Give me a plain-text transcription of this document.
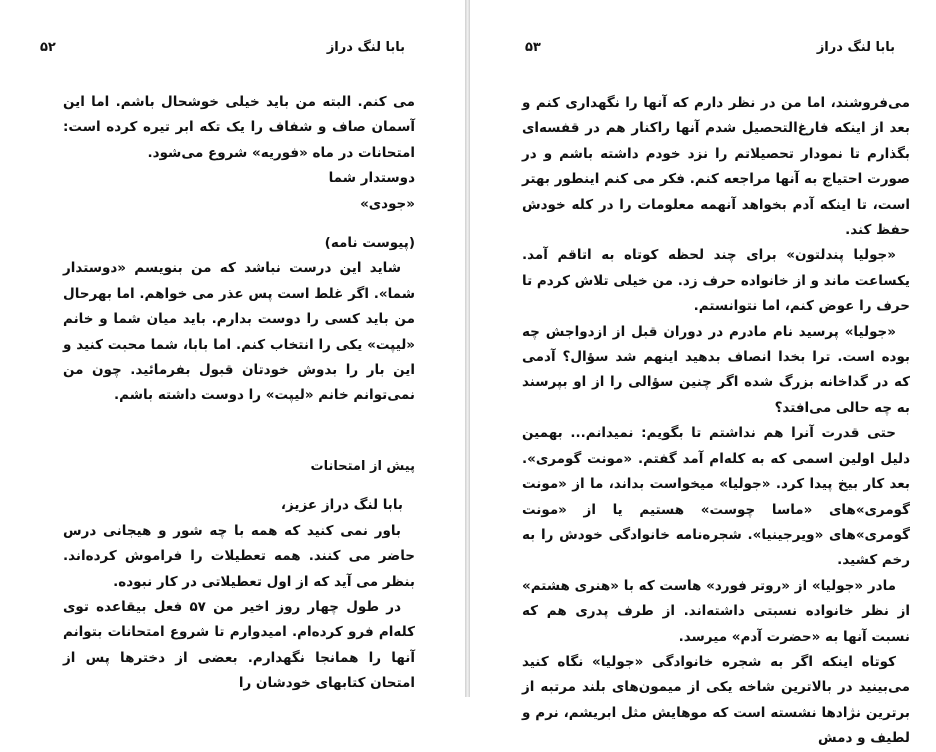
بابا لنگ دراز
۵۲

می کنم. البته من باید خیلی خوشحال باشم. اما این آسمان صاف و شفاف را یک تکه ابر تیره کرده است: امتحانات در ماه «فوریه» شروع می‌شود.

دوستدار شما

«جودی»

(پیوست نامه)

شاید این درست نباشد که من بنویسم «دوستدار شما». اگر غلط است پس عذر می خواهم. اما بهرحال من باید کسی را دوست بدارم. باید میان شما و خانم «لیپت» یکی را انتخاب کنم. اما بابا، شما محبت کنید و این بار را بدوش خودتان قبول بفرمائید. چون من نمی‌توانم خانم «لیپت» را دوست داشته باشم.

پیش از امتحانات

بابا لنگ دراز عزیز،

باور نمی کنید که همه با چه شور و هیجانی درس حاضر می کنند. همه تعطیلات را فراموش کرده‌اند. بنظر می آید که از اول تعطیلاتی در کار نبوده.

در طول چهار روز اخیر من ۵۷ فعل بیقاعده توی کله‌ام فرو کرده‌ام. امیدوارم تا شروع امتحانات بتوانم آنها را همانجا نگهدارم. بعضی از دخترها پس از امتحان کتابهای خودشان را

بابا لنگ دراز
۵۳

می‌فروشند، اما من در نظر دارم که آنها را نگهداری کنم و بعد از اینکه فارغ‌التحصیل شدم آنها راکنار هم در قفسه‌ای بگذارم تا نمودار تحصیلاتم را نزد خودم داشته باشم و در صورت احتیاج به آنها مراجعه کنم. فکر می کنم اینطور بهتر است، تا اینکه آدم بخواهد آنهمه معلومات را در کله خودش حفظ کند.

«جولیا پندلتون» برای چند لحظه کوتاه به اتاقم آمد. یکساعت ماند و از خانواده حرف زد. من خیلی تلاش کردم تا حرف را عوض کنم، اما نتوانستم.

«جولیا» پرسید نام مادرم در دوران قبل از ازدواجش چه بوده است. ترا بخدا انصاف بدهید اینهم شد سؤال؟ آدمی که در گداخانه بزرگ شده اگر چنین سؤالی را از او بپرسند به چه حالی می‌افتد؟

حتی قدرت آنرا هم نداشتم تا بگویم: نمیدانم... بهمین دلیل اولین اسمی که به کله‌ام آمد گفتم. «مونت گومری». بعد کار بیخ پیدا کرد. «جولیا» میخواست بداند، ما از «مونت گومری»های «ماسا چوست» هستیم یا از «مونت گومری»های «ویرجینیا». شجره‌نامه خانوادگی خودش را به رخم کشید.

مادر «جولیا» از «روتر فورد» هاست که با «هنری هشتم» از نظر خانواده نسبتی داشته‌اند. از طرف پدری هم که نسبت آنها به «حضرت آدم» میرسد.

کوتاه اینکه اگر به شجره خانوادگی «جولیا» نگاه کنید می‌بینید در بالاترین شاخه یکی از میمون‌های بلند مرتبه از برترین نژادها نشسته است که موهایش مثل ابریشم، نرم و لطیف و دمش
